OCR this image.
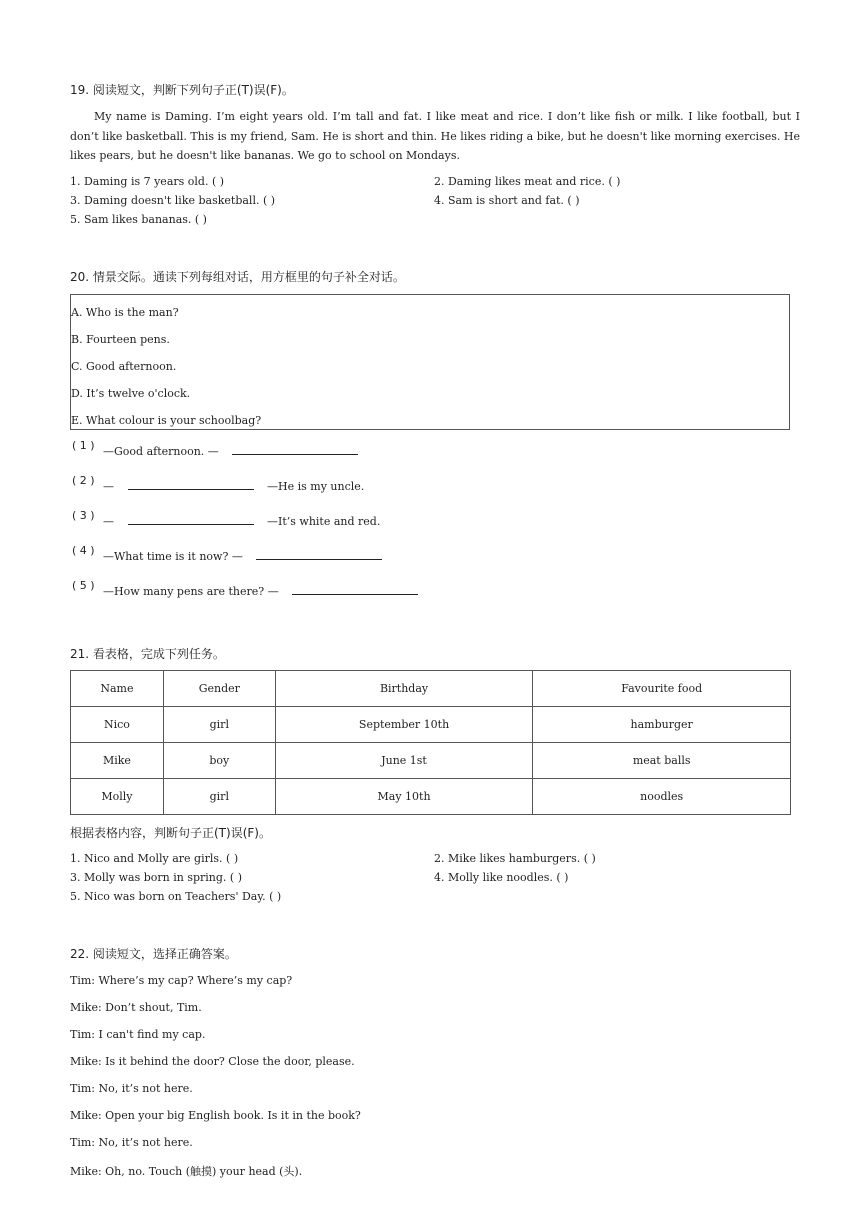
19. 阅读短文，判断下列句子正(T)误(F)。

My name is Daming. I’m eight years old. I’m tall and fat. I like meat and rice. I don’t like fish or milk. I like football, but I don’t like basketball. This is my friend, Sam. He is short and thin. He likes riding a bike, but he doesn't like morning exercises. He likes pears, but he doesn't like bananas. We go to school on Mondays.

1. Daming is 7 years old. ( )	2. Daming likes meat and rice. ( )
3. Daming doesn't like basketball. ( )	4. Sam is short and fat. ( )
5. Sam likes bananas. ( )
20. 情景交际。通读下列每组对话，用方框里的句子补全对话。
A. Who is the man?
B. Fourteen pens.
C. Good afternoon.
D. It’s twelve o'clock.
E. What colour is your schoolbag?
( 1 ) —Good afternoon. —
( 2 ) —	—He is my uncle.
( 3 ) —	—It’s white and red.
( 4 ) —What time is it now? —
( 5 ) —How many pens are there? —
21. 看表格，完成下列任务。
Name	Gender	Birthday	Favourite food
Nico	girl	September 10th	hamburger
Mike	boy	June 1st	meat balls
Molly	girl	May 10th	noodles
根据表格内容，判断句子正(T)误(F)。
1. Nico and Molly are girls. ( )	2. Mike likes hamburgers. ( )
3. Molly was born in spring. ( )	4. Molly like noodles. ( )
5. Nico was born on Teachers' Day. ( )
22. 阅读短文，选择正确答案。
Tim: Where’s my cap? Where’s my cap?
Mike: Don’t shout, Tim.
Tim: I can't find my cap.
Mike: Is it behind the door? Close the door, please.
Tim: No, it’s not here.
Mike: Open your big English book. Is it in the book?
Tim: No, it’s not here.
Mike: Oh, no. Touch (触摸) your head (头).
